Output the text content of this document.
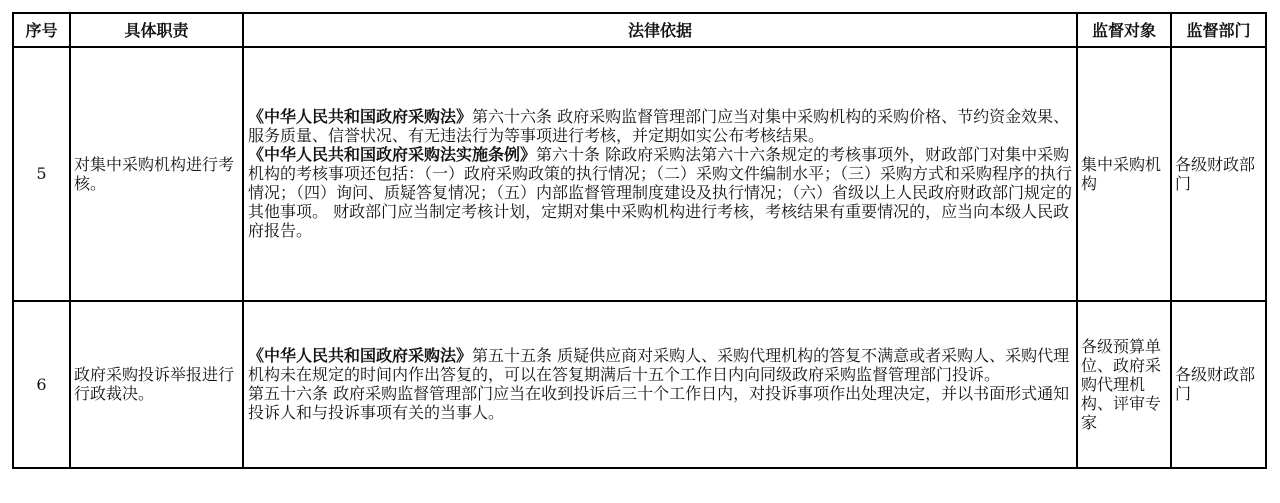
序号	具体职责	法律依据	监督对象	监督部门
5	对集中采购机构进行考核。	《中华人民共和国政府采购法》第六十六条 政府采购监督管理部门应当对集中采购机构的采购价格、节约资金效果、服务质量、信誉状况、有无违法行为等事项进行考核，并定期如实公布考核结果。
《中华人民共和国政府采购法实施条例》第六十条 除政府采购法第六十六条规定的考核事项外，财政部门对集中采购机构的考核事项还包括：（一）政府采购政策的执行情况；（二）采购文件编制水平；（三）采购方式和采购程序的执行情况；（四）询问、质疑答复情况；（五）内部监督管理制度建设及执行情况；（六）省级以上人民政府财政部门规定的其他事项。 财政部门应当制定考核计划，定期对集中采购机构进行考核，考核结果有重要情况的，应当向本级人民政府报告。	集中采购机构	各级财政部门
6	政府采购投诉举报进行行政裁决。	《中华人民共和国政府采购法》第五十五条 质疑供应商对采购人、采购代理机构的答复不满意或者采购人、采购代理机构未在规定的时间内作出答复的，可以在答复期满后十五个工作日内向同级政府采购监督管理部门投诉。
第五十六条 政府采购监督管理部门应当在收到投诉后三十个工作日内，对投诉事项作出处理决定，并以书面形式通知投诉人和与投诉事项有关的当事人。	各级预算单位、政府采购代理机构、评审专家	各级财政部门
